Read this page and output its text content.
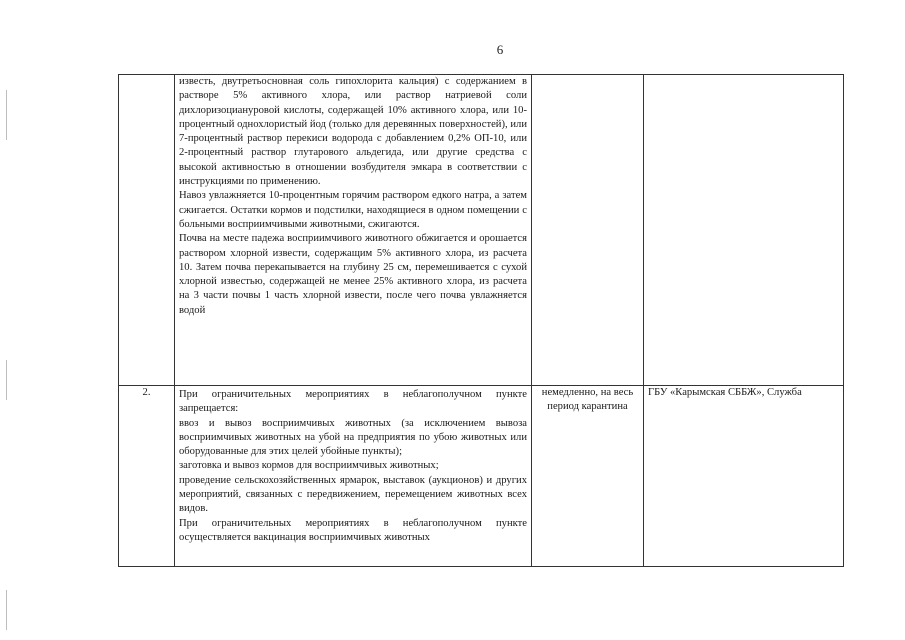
6

	известь, двутретьосновная соль гипохлорита кальция) с содержанием в растворе 5% активного хлора, или раствор натриевой соли дихлоризоциануровой кислоты, содержащей 10% активного хлора, или 10-процентный однохлористый йод (только для деревянных поверхностей), или 7-процентный раствор перекиси водорода с добавлением 0,2% ОП-10, или 2-процентный раствор глутарового альдегида, или другие средства с высокой активностью в отношении возбудителя эмкара в соответствии с инструкциями по применению.
Навоз увлажняется 10-процентным горячим раствором едкого натра, а затем сжигается. Остатки кормов и подстилки, находящиеся в одном помещении с больными восприимчивыми животными, сжигаются.
Почва на месте падежа восприимчивого животного обжигается и орошается раствором хлорной извести, содержащим 5% активного хлора, из расчета 10. Затем почва перекапывается на глубину 25 см, перемешивается с сухой хлорной известью, содержащей не менее 25% активного хлора, из расчета на 3 части почвы 1 часть хлорной извести, после чего почва увлажняется водой		

2.	При ограничительных мероприятиях в неблагополучном пункте запрещается:
ввоз и вывоз восприимчивых животных (за исключением вывоза восприимчивых животных на убой на предприятия по убою животных или оборудованные для этих целей убойные пункты);
заготовка и вывоз кормов для восприимчивых животных;
проведение сельскохозяйственных ярмарок, выставок (аукционов) и других мероприятий, связанных с передвижением, перемещением животных всех видов.
При ограничительных мероприятиях в неблагополучном пункте осуществляется вакцинация восприимчивых животных	немедленно, на весь период карантина	ГБУ «Карымская СББЖ», Служба
